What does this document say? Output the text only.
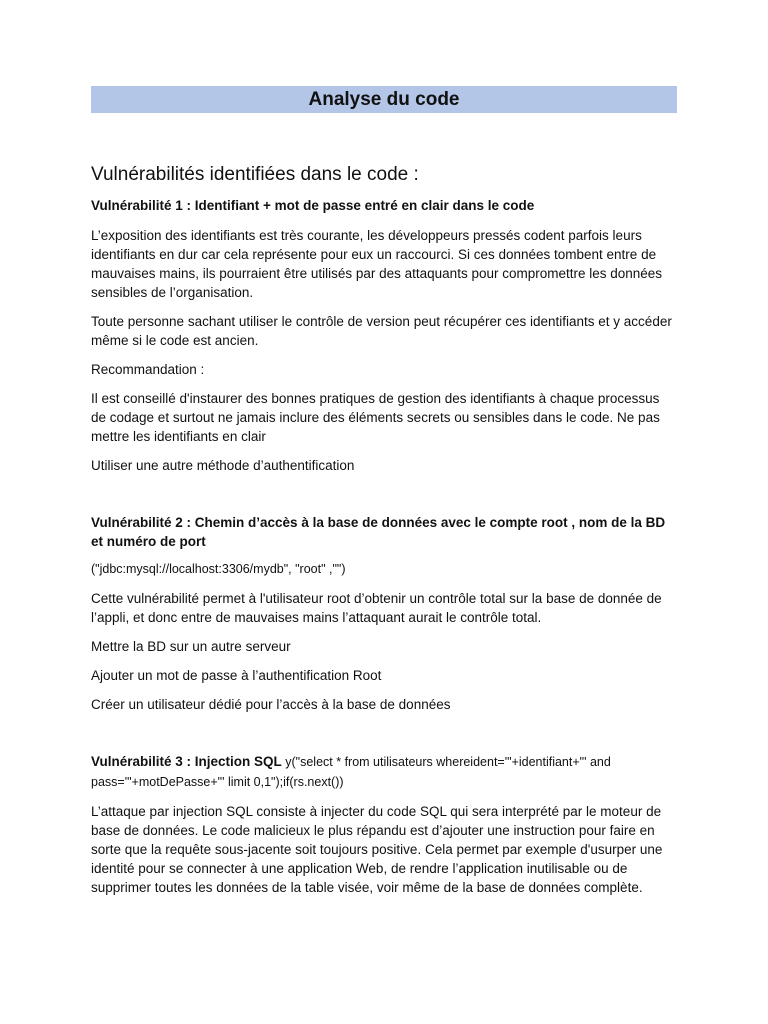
Analyse du code
Vulnérabilités identifiées dans le code :
Vulnérabilité 1 : Identifiant + mot de passe entré en clair dans le code

L’exposition des identifiants est très courante, les développeurs pressés codent parfois leurs identifiants en dur car cela représente pour eux un raccourci. Si ces données tombent entre de mauvaises mains, ils pourraient être utilisés par des attaquants pour compromettre les données sensibles de l’organisation.

Toute personne sachant utiliser le contrôle de version peut récupérer ces identifiants et y accéder même si le code est ancien.

Recommandation :

Il est conseillé d'instaurer des bonnes pratiques de gestion des identifiants à chaque processus de codage et surtout ne jamais inclure des éléments secrets ou sensibles dans le code. Ne pas mettre les identifiants en clair

Utiliser une autre méthode d’authentification

Vulnérabilité 2 : Chemin d’accès à la base de données avec le compte root , nom de la BD et numéro de port

("jdbc:mysql://localhost:3306/mydb", "root" ,"")

Cette vulnérabilité permet à l'utilisateur root d’obtenir un contrôle total sur la base de donnée de l’appli, et donc entre de mauvaises mains l’attaquant aurait le contrôle total.

Mettre la BD sur un autre serveur

Ajouter un mot de passe à l’authentification Root

Créer un utilisateur dédié pour l’accès à la base de données

Vulnérabilité 3 : Injection SQL y("select * from utilisateurs whereident='"+identifiant+"' and pass='"+motDePasse+"' limit 0,1");if(rs.next())

L’attaque par injection SQL consiste à injecter du code SQL qui sera interprété par le moteur de base de données. Le code malicieux le plus répandu est d’ajouter une instruction pour faire en sorte que la requête sous-jacente soit toujours positive. Cela permet par exemple d'usurper une identité pour se connecter à une application Web, de rendre l’application inutilisable ou de supprimer toutes les données de la table visée, voir même de la base de données complète.
